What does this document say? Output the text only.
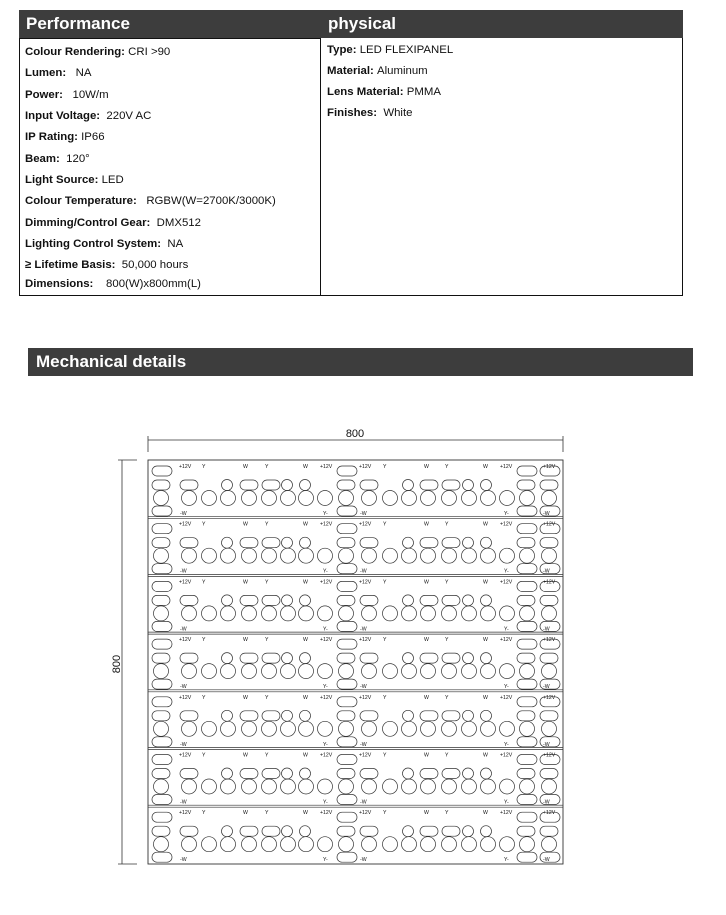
Performance	physical
Colour Rendering: CRI >90
Lumen:   NA
Power:   10W/m
Input Voltage:  220V AC
IP Rating: IP66
Beam:  120°
Light Source: LED
Colour Temperature:   RGBW(W=2700K/3000K)
Dimming/Control Gear:  DMX512
Lighting Control System:  NA
≥ Lifetime Basis:  50,000 hours
Dimensions:    800(W)x800mm(L)
Type: LED FLEXIPANEL
Material: Aluminum
Lens Material: PMMA
Finishes:  White
Mechanical details
800
800
+12V Y	W	Y	W +12V	+12V Y	W	Y	W +12V	+12V
-W	Y-	-W	Y-	-W
+12V Y	W	Y	W +12V	+12V Y	W	Y	W +12V	+12V
-W	Y-	-W	Y-	-W
+12V Y	W	Y	W +12V	+12V Y	W	Y	W +12V	+12V
-W	Y-	-W	Y-	-W
+12V Y	W	Y	W +12V	+12V Y	W	Y	W +12V	+12V
-W	Y-	-W	Y-	-W
+12V Y	W	Y	W +12V	+12V Y	W	Y	W +12V	+12V
-W	Y-	-W	Y-	-W
+12V Y	W	Y	W +12V	+12V Y	W	Y	W +12V	+12V
-W	Y-	-W	Y-	-W
+12V Y	W	Y	W +12V	+12V Y	W	Y	W +12V	+12V
-W	Y-	-W	Y-	-W
